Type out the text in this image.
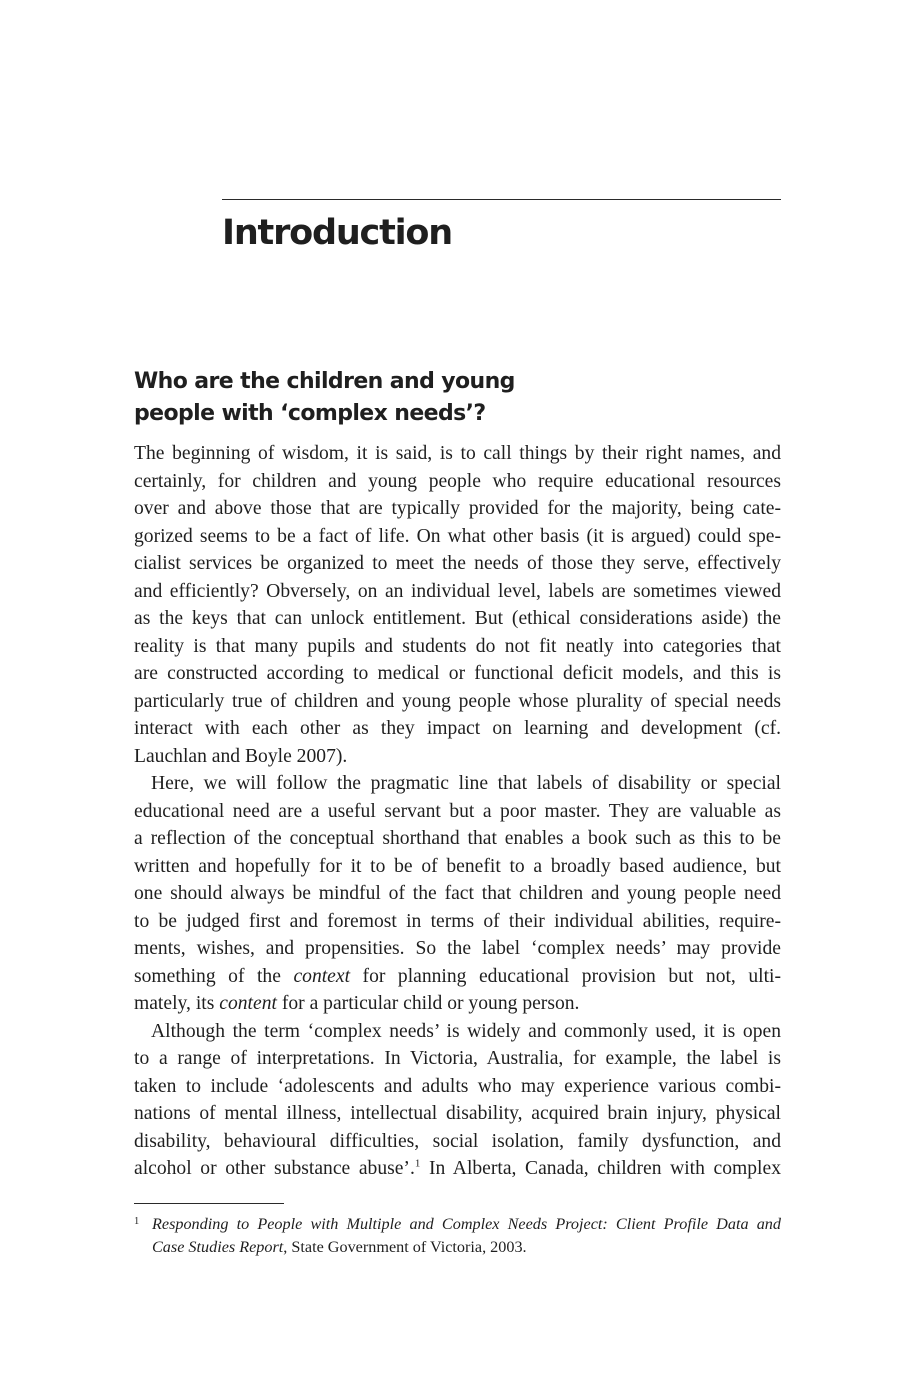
Introduction
Who are the children and young
people with ‘complex needs’?
The beginning of wisdom, it is said, is to call things by their right names, and
certainly, for children and young people who require educational resources
over and above those that are typically provided for the majority, being cate-
gorized seems to be a fact of life. On what other basis (it is argued) could spe-
cialist services be organized to meet the needs of those they serve, effectively
and efficiently? Obversely, on an individual level, labels are sometimes viewed
as the keys that can unlock entitlement. But (ethical considerations aside) the
reality is that many pupils and students do not fit neatly into categories that
are constructed according to medical or functional deficit models, and this is
particularly true of children and young people whose plurality of special needs
interact with each other as they impact on learning and development (cf.
Lauchlan and Boyle 2007).
Here, we will follow the pragmatic line that labels of disability or special
educational need are a useful servant but a poor master. They are valuable as
a reflection of the conceptual shorthand that enables a book such as this to be
written and hopefully for it to be of benefit to a broadly based audience, but
one should always be mindful of the fact that children and young people need
to be judged first and foremost in terms of their individual abilities, require-
ments, wishes, and propensities. So the label ‘complex needs’ may provide
something of the context for planning educational provision but not, ulti-
mately, its content for a particular child or young person.
Although the term ‘complex needs’ is widely and commonly used, it is open
to a range of interpretations. In Victoria, Australia, for example, the label is
taken to include ‘adolescents and adults who may experience various combi-
nations of mental illness, intellectual disability, acquired brain injury, physical
disability, behavioural difficulties, social isolation, family dysfunction, and
alcohol or other substance abuse’.$^1$ In Alberta, Canada, children with complex
1 Responding to People with Multiple and Complex Needs Project: Client Profile Data and
Case Studies Report, State Government of Victoria, 2003.
